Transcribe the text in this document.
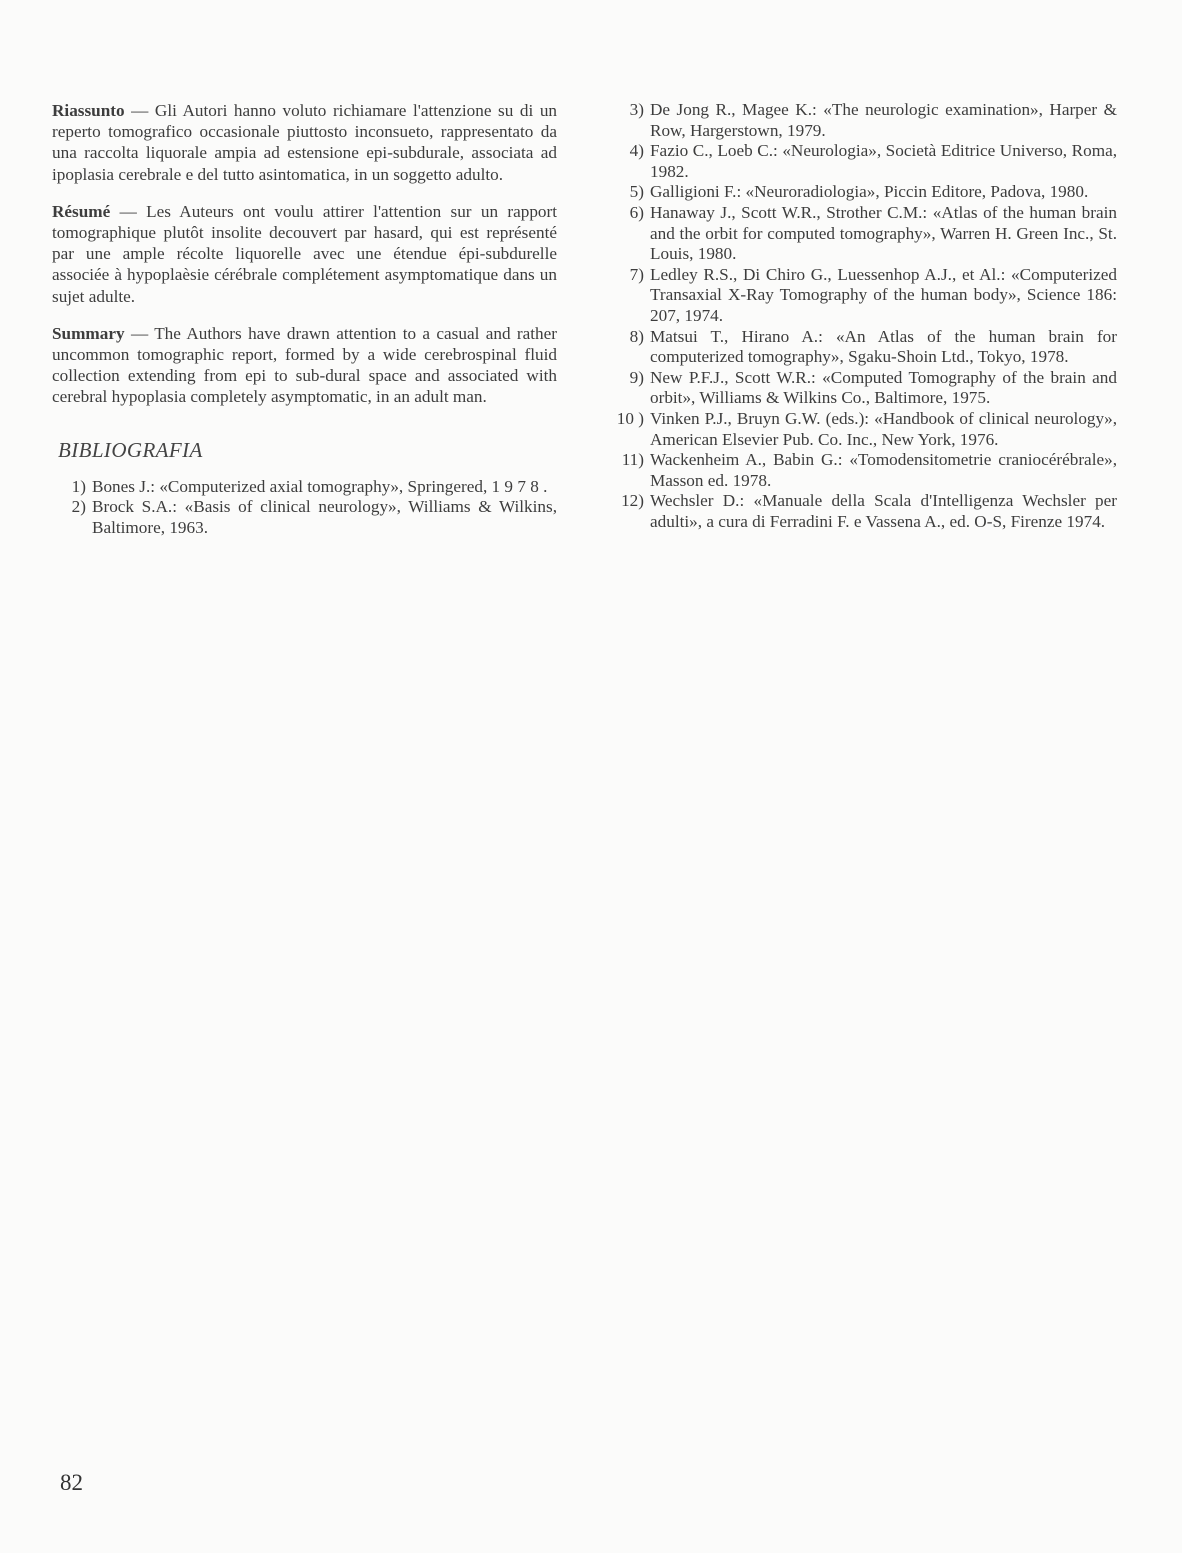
Riassunto — Gli Autori hanno voluto richiamare l'attenzione su di un reperto tomografico occasionale piuttosto inconsueto, rappresentato da una raccolta liquorale ampia ad estensione epi-subdurale, associata ad ipoplasia cerebrale e del tutto asintomatica, in un soggetto adulto.

Résumé — Les Auteurs ont voulu attirer l'attention sur un rapport tomographique plutôt insolite decouvert par hasard, qui est représenté par une ample récolte liquorelle avec une étendue épi-subdurelle associée à hypoplaèsie cérébrale complétement asymptomatique dans un sujet adulte.

Summary — The Authors have drawn attention to a casual and rather uncommon tomographic report, formed by a wide cerebrospinal fluid collection extending from epi to sub-dural space and associated with cerebral hypoplasia completely asymptomatic, in an adult man.

BIBLIOGRAFIA
1) Bones J.: «Computerized axial tomography», Springered, 1 9 7 8 .
2) Brock S.A.: «Basis of clinical neurology», Williams & Wilkins, Baltimore, 1963.
3) De Jong R., Magee K.: «The neurologic examination», Harper & Row, Hargerstown, 1979.
4) Fazio C., Loeb C.: «Neurologia», Società Editrice Universo, Roma, 1982.
5) Galligioni F.: «Neuroradiologia», Piccin Editore, Padova, 1980.
6) Hanaway J., Scott W.R., Strother C.M.: «Atlas of the human brain and the orbit for computed tomography», Warren H. Green Inc., St. Louis, 1980.
7) Ledley R.S., Di Chiro G., Luessenhop A.J., et Al.: «Computerized Transaxial X-Ray Tomography of the human body», Science 186: 207, 1974.
8) Matsui T., Hirano A.: «An Atlas of the human brain for computerized tomography», Sgaku-Shoin Ltd., Tokyo, 1978.
9) New P.F.J., Scott W.R.: «Computed Tomography of the brain and orbit», Williams & Wilkins Co., Baltimore, 1975.
10 ) Vinken P.J., Bruyn G.W. (eds.): «Handbook of clinical neurology», American Elsevier Pub. Co. Inc., New York, 1976.
11) Wackenheim A., Babin G.: «Tomodensitometrie craniocérébrale», Masson ed. 1978.
12) Wechsler D.: «Manuale della Scala d'Intelligenza Wechsler per adulti», a cura di Ferradini F. e Vassena A., ed. O-S, Firenze 1974.
82
